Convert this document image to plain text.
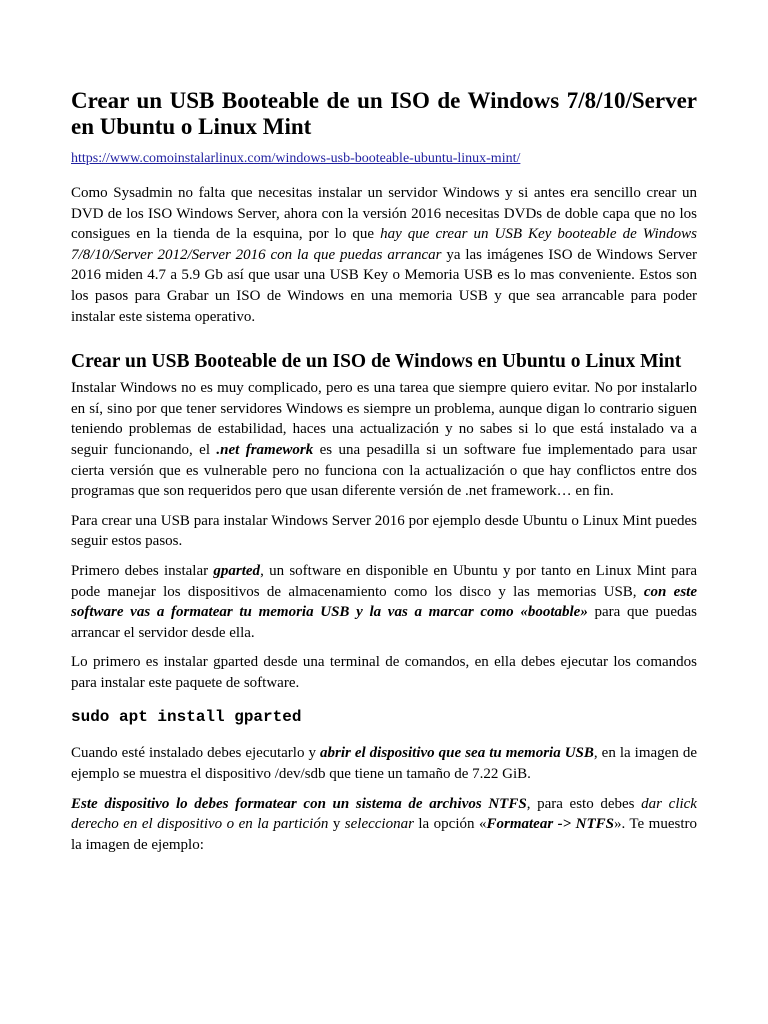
Crear un USB Booteable de un ISO de Windows 7/8/10/Server en Ubuntu o Linux Mint
https://www.comoinstalarlinux.com/windows-usb-booteable-ubuntu-linux-mint/

Como Sysadmin no falta que necesitas instalar un servidor Windows y si antes era sencillo crear un DVD de los ISO Windows Server, ahora con la versión 2016 necesitas DVDs de doble capa que no los consigues en la tienda de la esquina, por lo que hay que crear un USB Key booteable de Windows 7/8/10/Server 2012/Server 2016 con la que puedas arrancar ya las imágenes ISO de Windows Server 2016 miden 4.7 a 5.9 Gb así que usar una USB Key o Memoria USB es lo mas conveniente. Estos son los pasos para Grabar un ISO de Windows en una memoria USB y que sea arrancable para poder instalar este sistema operativo.

Crear un USB Booteable de un ISO de Windows en Ubuntu o Linux Mint

Instalar Windows no es muy complicado, pero es una tarea que siempre quiero evitar. No por instalarlo en sí, sino por que tener servidores Windows es siempre un problema, aunque digan lo contrario siguen teniendo problemas de estabilidad, haces una actualización y no sabes si lo que está instalado va a seguir funcionando, el .net framework es una pesadilla si un software fue implementado para usar cierta versión que es vulnerable pero no funciona con la actualización o que hay conflictos entre dos programas que son requeridos pero que usan diferente versión de .net framework… en fin.

Para crear una USB para instalar Windows Server 2016 por ejemplo desde Ubuntu o Linux Mint puedes seguir estos pasos.

Primero debes instalar gparted, un software en disponible en Ubuntu y por tanto en Linux Mint para pode manejar los dispositivos de almacenamiento como los disco y las memorias USB, con este software vas a formatear tu memoria USB y la vas a marcar como «bootable» para que puedas arrancar el servidor desde ella.

Lo primero es instalar gparted desde una terminal de comandos, en ella debes ejecutar los comandos para instalar este paquete de software.

sudo apt install gparted

Cuando esté instalado debes ejecutarlo y abrir el dispositivo que sea tu memoria USB, en la imagen de ejemplo se muestra el dispositivo /dev/sdb que tiene un tamaño de 7.22 GiB.

Este dispositivo lo debes formatear con un sistema de archivos NTFS, para esto debes dar click derecho en el dispositivo o en la partición y seleccionar la opción «Formatear -> NTFS». Te muestro la imagen de ejemplo:
